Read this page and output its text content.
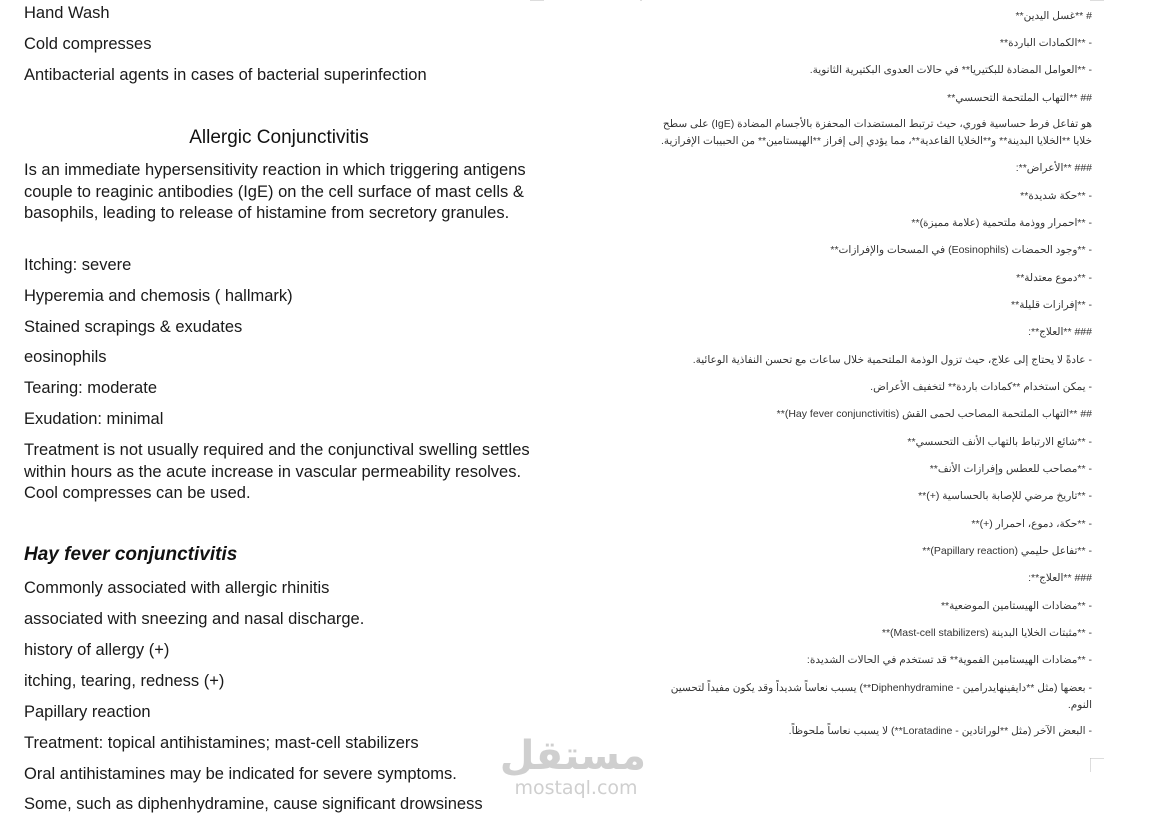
Hand Wash

Cold compresses

Antibacterial agents in cases of bacterial superinfection

Allergic Conjunctivitis

Is an immediate hypersensitivity reaction in which triggering antigens couple to reaginic antibodies (IgE) on the cell surface of mast cells & basophils, leading to release of histamine from secretory granules.

Itching: severe

Hyperemia and chemosis ( hallmark)

Stained scrapings & exudates

eosinophils

Tearing: moderate

Exudation: minimal

Treatment is not usually required and the conjunctival swelling settles within hours as the acute increase in vascular permeability resolves. Cool compresses can be used.

Hay fever conjunctivitis

Commonly associated with allergic rhinitis

associated with sneezing and nasal discharge.

history of allergy (+)

itching, tearing, redness (+)

Papillary reaction

Treatment: topical antihistamines; mast-cell stabilizers

Oral antihistamines may be indicated for severe symptoms.

Some, such as diphenhydramine, cause significant drowsiness

# **غسل اليدين**

- **الكمادات الباردة**

- **العوامل المضادة للبكتيريا** في حالات العدوى البكتيرية الثانوية.

## **التهاب الملتحمة التحسسي**

هو تفاعل فرط حساسية فوري، حيث ترتبط المستضدات المحفزة بالأجسام المضادة (IgE) على سطح خلايا **الخلايا البدينة** و**الخلايا القاعدية**، مما يؤدي إلى إفراز **الهيستامين** من الحبيبات الإفرازية.

### **الأعراض**:

- **حكة شديدة**

- **احمرار ووذمة ملتحمية (علامة مميزة)**

- **وجود الحمضات (Eosinophils) في المسحات والإفرازات**

- **دموع معتدلة**

- **إفرازات قليلة**

### **العلاج**:

- عادةً لا يحتاج إلى علاج، حيث تزول الوذمة الملتحمية خلال ساعات مع تحسن النفاذية الوعائية.

- يمكن استخدام **كمادات باردة** لتخفيف الأعراض.

## **التهاب الملتحمة المصاحب لحمى القش (Hay fever conjunctivitis)**

- **شائع الارتباط بالتهاب الأنف التحسسي**

- **مصاحب للعطس وإفرازات الأنف**

- **تاريخ مرضي للإصابة بالحساسية (+)**

- **حكة، دموع، احمرار (+)**

- **تفاعل حليمي (Papillary reaction)**

### **العلاج**:

- **مضادات الهيستامين الموضعية**

- **مثبتات الخلايا البدينة (Mast-cell stabilizers)**

- **مضادات الهيستامين الفموية** قد تستخدم في الحالات الشديدة:

- بعضها (مثل **دايفينهايدرامين - Diphenhydramine**) يسبب نعاساً شديداً وقد يكون مفيداً لتحسين النوم.

- البعض الآخر (مثل **لوراتادين - Loratadine**) لا يسبب نعاساً ملحوظاً.

مستقل
mostaql.com
